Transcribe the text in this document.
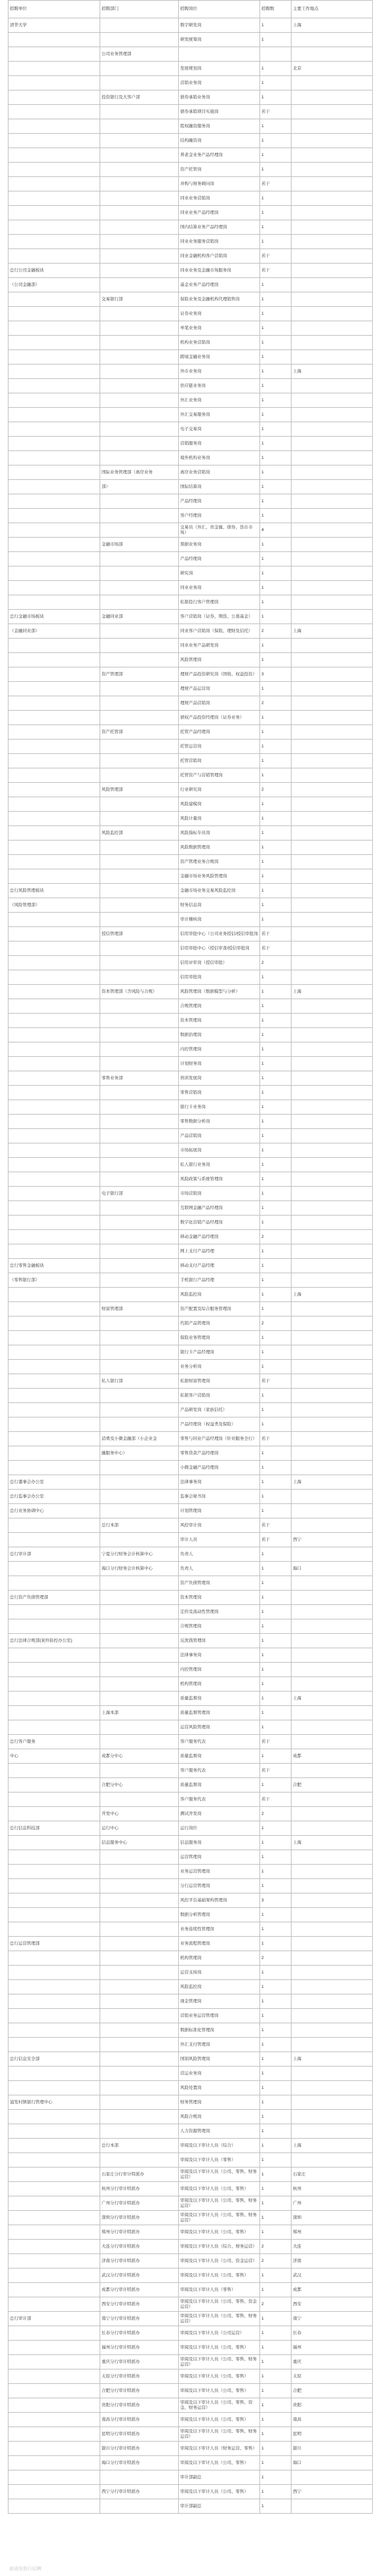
招聘单位	招聘部门	招聘岗位	招聘数	主要工作地点
清华大学		数字研发岗	1	上海
		研发统筹岗	1	
	公司业务管理部			
		发展规划岗	1	北京
		营销业务岗	1	
	投资银行及大客户部	债券承销业务岗	1	
		债券承销项目实施岗	若干	
		股权融资服务岗	1	
		结构融资岗	1	
		养老金业务产品经理岗	1	
		资产托管岗	1	
		并购与财务顾问岗	若干	
		同业业务营销岗	1	
		同业业务产品经理岗	1	
		国内结算业务产品经理岗	1	
		同业业务服务营销岗	1	
		同业金融机构客户营销岗	若干	
总行公司金融板块		同业业务及金融市场服务岗	若干	
（公司金融部）		基金业务产品经理岗	1	
	交易银行部	保险业务及金融机构代理销售岗	1	
		证券业务岗	1	
		单笔业务岗	1	
		机构业务营销岗	1	
		跨境金融业务岗	1	
		外币业务岗	1	上海
		供应链业务岗	1	
		外汇业务岗	1	
		外汇交易服务岗	1	
		电子交易岗	1	
		营销服务岗	1	
		境外机构业务岗	1	
	国际业务管理部（离岸业务	离岸业务营销岗	1	
	部）	国际结算岗	1	
		产品经理岗	1	
		客户经理岗	1	
		交易员（外汇、贵金属、债券、货币市场）	4	
	金融市场部	票据业务岗	1	
		产品经理岗	1	
		研究岗	1	
		同业业务岗	1	
		私银投行客户管理岗	1	
总行金融市场板块	金融同业部	客户营销岗（证券、期货、公募基金）	1	
（金融同业部）		同业客户营销岗（保险、理财及信托）	2	上海
		同业业务产品研发岗	1	
		风险管理岗	1	
	资产管理部	理财产品投资研究岗（固收、权益投资）	3	
		理财产品运营岗	1	
		理财产品营销岗	2	
		债权产品投资经理岗（证券业务）	1	
	资产托管部	托管产品经理岗	1	
		托管运营岗	1	
		托管营销岗	1	
		托管资产与营销管理岗	1	
	风险管理部	行业研究岗	2	
		风险建模岗	1	
		风险计量岗	1	
	风险监控部	风险指标专员岗	1	
		风险数据管理岗	1	
		资产管理业务合规岗	1	
		金融市场业务风险管理岗	1	
总行风险管理板块		金融市场业务交易风险监控岗	1	
（风险管理部）		财务信息岗	1	
		审计稽核岗	1	
	授信管理部	信用审批中心（公司业务授信/授信审批岗	若干	
		信用审批中心（授信审查/授信审批岗	若干	
		信用评审岗（授信审批）	2	
		信用审批岗	1	
	资本管理部（含风险与合规）	风险管理岗（数据模型与分析）	1	上海
		合规管理岗	1	
		资本管理岗	1	
		数据治理岗	1	
		内控管理岗	1	
		计划财务岗	1	
	零售业务部	培训发展岗	1	
		零售营销岗	1	
		银行卡业务岗	1	
		零售数据分析岗	1	
		产品营销岗	1	
		市场拓展岗	1	
		私人银行业务岗	1	
		风险政策与系统管理岗	1	
	电子银行部	市场营销岗	1	
		互联网金融产品经理岗	1	
		数字化营销产品经理岗	1	
		移动金融产品经理岗	2	
		网上支付产品经理	1	
总行零售金融板块		移动支付产品经理	1	
（零售银行部）		手机银行产品经理	1	
		风险监控岗	1	上海
	财富管理部	资产配置及综合服务管理岗	1	
		代销产品管理岗	2	
		保险业务管理岗	1	
		银行卡产品经理岗	1	
		业务分析岗	1	
	私人银行部	私银财富管理岗	若干	
		私银客户营销岗	1	
		产品研发岗（家族信托）	1	
		产品经理岗（权益类及保险）	1	
	消费及小微金融部（小企业金	零售与同业产品经理岗（针对服务全行）	若干	
	融服务中心）	零售贷款产品经理岗	1	
		小微金融产品经理岗	1	
总行董事会办公室		法律事务岗	1	上海
总行监事会办公室		监事会秘书岗	1	
总行业务协调中心		计划管理岗	1	
	总行本部	风控审计岗	若干	
		审计人员	若干	西宁
总行审计部	宁夏分行财务会计核算中心	负责人	1	
	海口分行财务会计核算中心	负责人	1	海口
		资产负债管理岗	1	
总行资产负债管理部		资本管理岗	1	
		定价及流动性管理岗	1	
		合规管理岗	1	
总行法律合规部(案件防控办公室)		反洗钱管理岗	1	
		法律事务岗	1	
		内控管理岗	1	
		机构管理岗	1	
		质量监督岗	1	上海
	上海本部	质量监督管理岗	1	
		运营风险管理岗	1	
总行客户服务		客户服务代表	若干	
中心	成都分中心	质量监督岗	1	成都
		客户服务代表	若干	
	合肥分中心	质量监督岗	1	合肥
		客户服务代表	若干	
	开发中心	测试开发岗	2	
总行信息科技部	运行中心	运行岗位	1	
	信息服务中心	信息服务岗	1	上海
		运营管理岗	1	
		业务运营管理岗	1	
		分行运营管理岗	1	
		风控平台基础架构管理岗	3	
		数据分析管理岗	1	
		业务连续性管理岗	1	
总行运营管理部		业务流程管理岗	1	
		机构管理岗	2	
		运营支持岗	1	
		风险监控岗	1	
		现金管理岗	1	
		营销业务运营管理岗	1	
		数据标准化管理岗	1	
		外汇支付管理岗	1	
总行信息安全部		国别风险管理岗	1	上海
		营运业务岗	1	
		风险处置岗	1	
浦发村镇银行管理中心		财务管理岗	1	
		风险合规岗	1	
		人力资源管理岗	1	
	总行本部	审阅及以下审计人员（综合）	1	上海
		审阅及以下审计人员（零售）	1	
	石家庄分行审计特派办	审阅及以下审计人员（公司、零售、财务运营）	1	石家庄
	杭州分行审计特派办	审阅及以下审计人员（公司、零售）	1	杭州
	广州分行审计特派办	审阅及以下审计人员（公司、零售、财务运营）	1	广州
	深圳分行审计特派办	审阅及以下审计人员（公司、零售、财务运营）	1	深圳
	郑州分行审计特派办	审阅及以下审计人员（公司、零售）	1	郑州
	大连分行审计特派办	审阅及以下审计人员（综合、财务运营）	2	大连
	济南分行审计特派办	审阅及以下审计人员（公司、资金运营）	2	济南
	武汉分行审计特派办	审阅及以下审计人员（公司、零售）	1	武汉
	成都分行审计特派办	审阅及以下审计人员（零售）	1	成都
	西安分行审计特派办	审阅及以下审计人员（公司、零售、资金运营）	2	西安
总行审计部	南宁分行审计特派办	审阅及以下审计人员（公司、零售、财务运营）	1	南宁
	长春分行审计特派办	审阅及以下审计人员（公司运营）	1	长春
	福州分行审计特派办	审阅及以下审计人员（公司、零售）	1	福州
	重庆分行审计特派办	审阅及以下审计人员（公司、零售、财务运营）	1	重庆
	太原分行审计特派办	审阅及以下审计人员（公司、零售）	1	太原
	合肥分行审计特派办	审阅及以下审计人员（公司、零售）	1	合肥
	贵阳分行审计特派办	审阅及以下审计人员（公司、零售、资金、财务运营）	1	贵阳
	南昌分行审计特派办	审阅及以下审计人员（公司、零售）	1	南昌
	昆明分行审计特派办	审阅及以下审计人员（公司、零售、财务运营）	1	昆明
	银川分行审计特派办	审阅及以下审计人员（财务运营、零售）	1	银川
	海口分行审计特派办	审阅及以下审计人员（公司、零售）	1	海口
		审计部副总	1	
	西宁分行审计特派办	审阅及以下审计人员（公司、零售）	1	西宁
		审计部副总	1	
@浦发银行招聘
